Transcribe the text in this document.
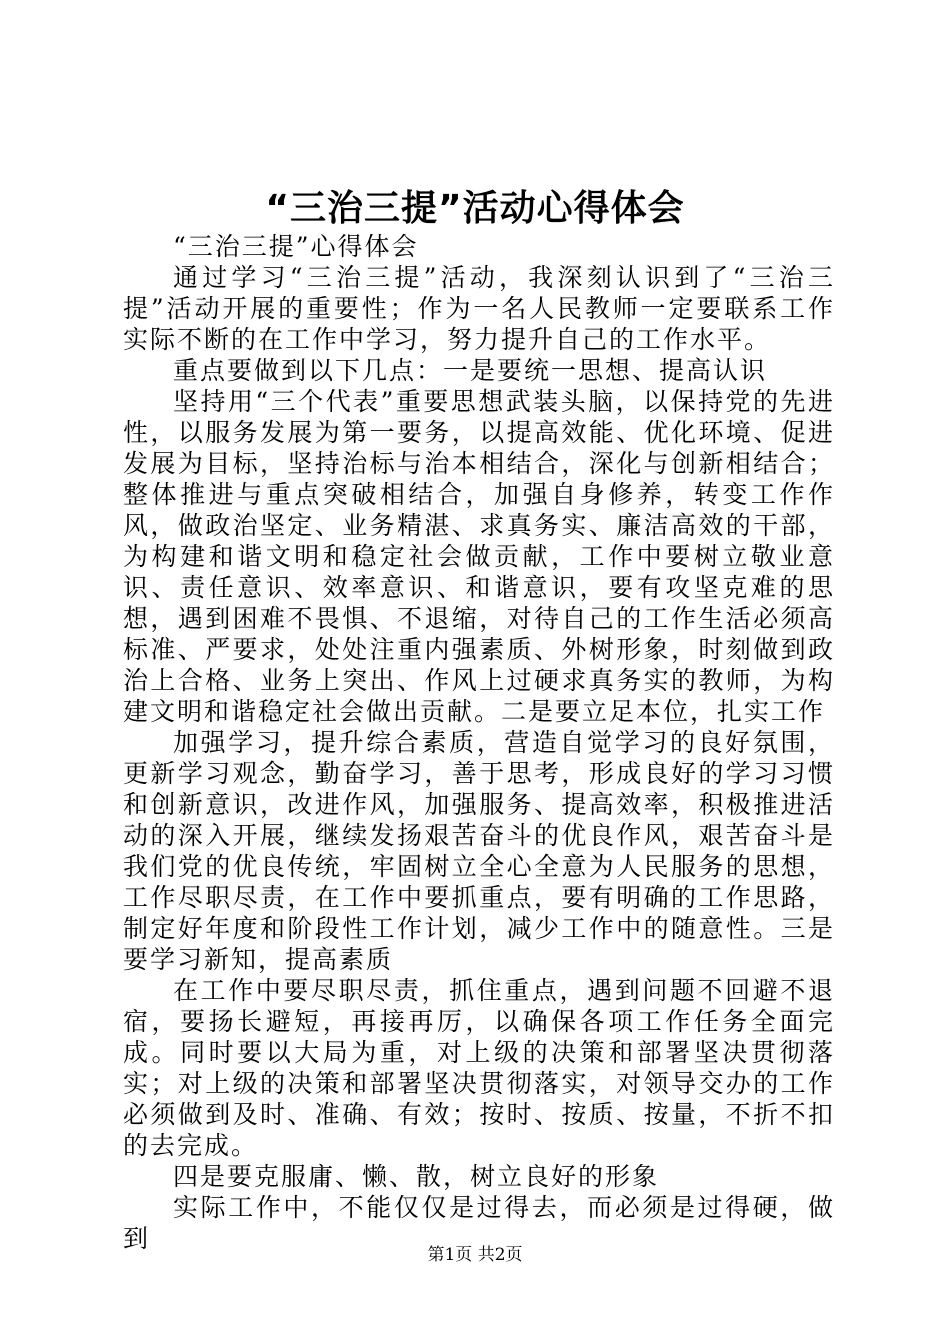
“三治三提”活动心得体会

“三治三提”心得体会

通过学习“三治三提”活动，我深刻认识到了“三治三提”活动开展的重要性；作为一名人民教师一定要联系工作实际不断的在工作中学习，努力提升自己的工作水平。

重点要做到以下几点：一是要统一思想、提高认识

坚持用“三个代表”重要思想武装头脑，以保持党的先进性，以服务发展为第一要务，以提高效能、优化环境、促进发展为目标，坚持治标与治本相结合，深化与创新相结合；整体推进与重点突破相结合，加强自身修养，转变工作作风，做政治坚定、业务精湛、求真务实、廉洁高效的干部，为构建和谐文明和稳定社会做贡献，工作中要树立敬业意识、责任意识、效率意识、和谐意识，要有攻坚克难的思想，遇到困难不畏惧、不退缩，对待自己的工作生活必须高标准、严要求，处处注重内强素质、外树形象，时刻做到政治上合格、业务上突出、作风上过硬求真务实的教师，为构建文明和谐稳定社会做出贡献。二是要立足本位，扎实工作

加强学习，提升综合素质，营造自觉学习的良好氛围，更新学习观念，勤奋学习，善于思考，形成良好的学习习惯和创新意识，改进作风，加强服务、提高效率，积极推进活动的深入开展，继续发扬艰苦奋斗的优良作风，艰苦奋斗是我们党的优良传统，牢固树立全心全意为人民服务的思想，工作尽职尽责，在工作中要抓重点，要有明确的工作思路，制定好年度和阶段性工作计划，减少工作中的随意性。三是要学习新知，提高素质

在工作中要尽职尽责，抓住重点，遇到问题不回避不退宿，要扬长避短，再接再厉，以确保各项工作任务全面完成。同时要以大局为重，对上级的决策和部署坚决贯彻落实；对上级的决策和部署坚决贯彻落实，对领导交办的工作必须做到及时、准确、有效；按时、按质、按量，不折不扣的去完成。

四是要克服庸、懒、散，树立良好的形象

实际工作中，不能仅仅是过得去，而必须是过得硬，做到

第1页 共2页
